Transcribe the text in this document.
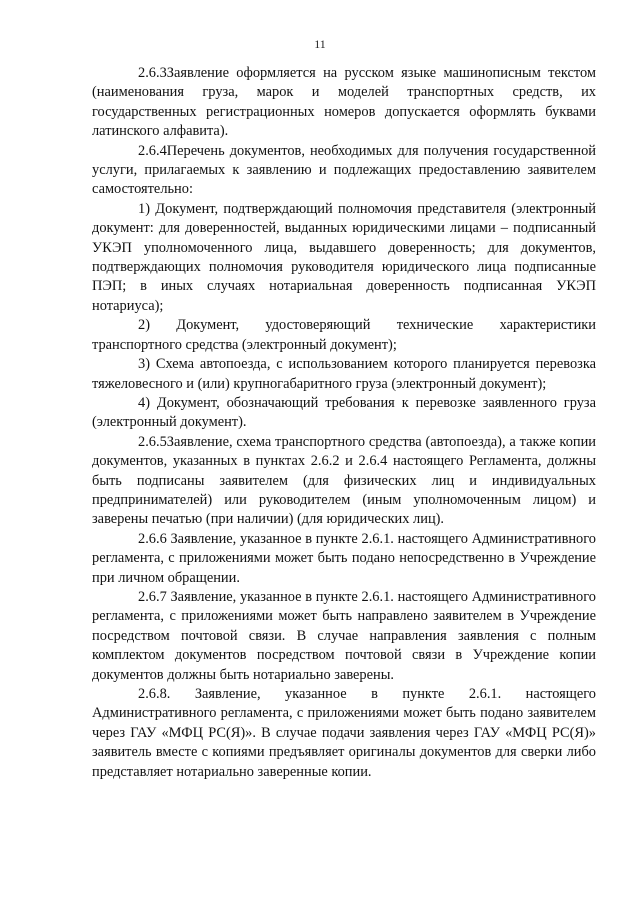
11

2.6.3Заявление оформляется на русском языке машинописным текстом (наименования груза, марок и моделей транспортных средств, их государственных регистрационных номеров допускается оформлять буквами латинского алфавита).

2.6.4Перечень документов, необходимых для получения государственной услуги, прилагаемых к заявлению и подлежащих предоставлению заявителем самостоятельно:

1) Документ, подтверждающий полномочия представителя (электронный документ: для доверенностей, выданных юридическими лицами – подписанный УКЭП уполномоченного лица, выдавшего доверенность; для документов, подтверждающих полномочия руководителя юридического лица подписанные ПЭП; в иных случаях нотариальная доверенность подписанная УКЭП нотариуса);

2) Документ, удостоверяющий технические характеристики транспортного средства (электронный документ);

3) Схема автопоезда, с использованием которого планируется перевозка тяжеловесного и (или) крупногабаритного груза (электронный документ);

4) Документ, обозначающий требования к перевозке заявленного груза (электронный документ).

2.6.5Заявление, схема транспортного средства (автопоезда), а также копии документов, указанных в пунктах 2.6.2 и 2.6.4 настоящего Регламента, должны быть подписаны заявителем (для физических лиц и индивидуальных предпринимателей) или руководителем (иным уполномоченным лицом) и заверены печатью (при наличии) (для юридических лиц).

2.6.6 Заявление, указанное в пункте 2.6.1. настоящего Административного регламента, с приложениями может быть подано непосредственно в Учреждение при личном обращении.

2.6.7 Заявление, указанное в пункте 2.6.1. настоящего Административного регламента, с приложениями может быть направлено заявителем в Учреждение посредством почтовой связи. В случае направления заявления с полным комплектом документов посредством почтовой связи в Учреждение копии документов должны быть нотариально заверены.

2.6.8. Заявление, указанное в пункте 2.6.1. настоящего Административного регламента, с приложениями может быть подано заявителем через ГАУ «МФЦ РС(Я)». В случае подачи заявления через ГАУ «МФЦ РС(Я)» заявитель вместе с копиями предъявляет оригиналы документов для сверки либо представляет нотариально заверенные копии.
